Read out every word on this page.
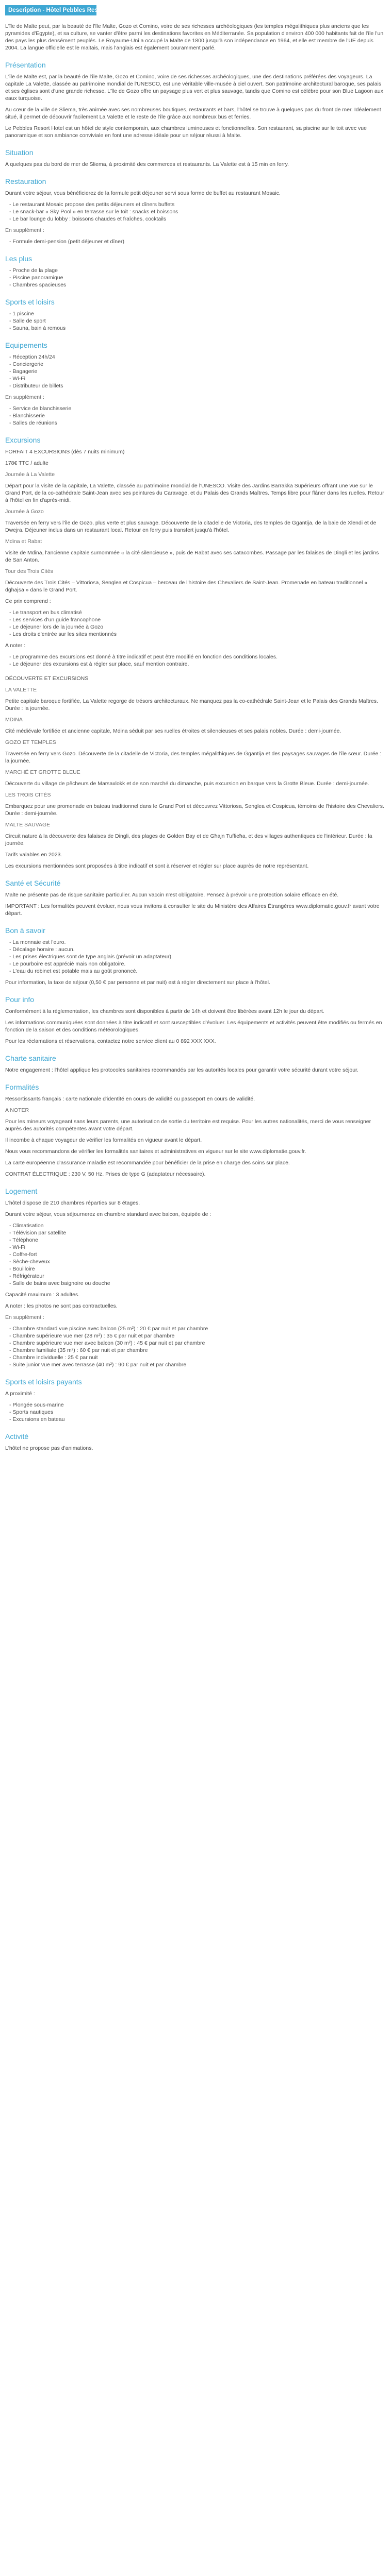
Description - Hôtel Pebbles Resort Hotel ****

L'île de Malte peut, par la beauté de l'île Malte, Gozo et Comino, voire de ses richesses archéologiques (les temples mégalithiques plus anciens que les pyramides d'Egypte), et sa culture, se vanter d'être parmi les destinations favorites en Méditerranée. Sa population d'environ 400 000 habitants fait de l'île l'un des pays les plus densément peuplés. Le Royaume-Uni a occupé la Malte de 1800 jusqu'à son indépendance en 1964, et elle est membre de l'UE depuis 2004. La langue officielle est le maltais, mais l'anglais est également couramment parlé.

Présentation

L'île de Malte est, par la beauté de l'île Malte, Gozo et Comino, voire de ses richesses archéologiques, une des destinations préférées des voyageurs. La capitale La Valette, classée au patrimoine mondial de l'UNESCO, est une véritable ville-musée à ciel ouvert. Son patrimoine architectural baroque, ses palais et ses églises sont d'une grande richesse. L'île de Gozo offre un paysage plus vert et plus sauvage, tandis que Comino est célèbre pour son Blue Lagoon aux eaux turquoise.

Au cœur de la ville de Sliema, très animée avec ses nombreuses boutiques, restaurants et bars, l'hôtel se trouve à quelques pas du front de mer. Idéalement situé, il permet de découvrir facilement La Valette et le reste de l'île grâce aux nombreux bus et ferries.

Le Pebbles Resort Hotel est un hôtel de style contemporain, aux chambres lumineuses et fonctionnelles. Son restaurant, sa piscine sur le toit avec vue panoramique et son ambiance conviviale en font une adresse idéale pour un séjour réussi à Malte.

Situation

A quelques pas du bord de mer de Sliema, à proximité des commerces et restaurants. La Valette est à 15 min en ferry.

Restauration

Durant votre séjour, vous bénéficierez de la formule petit déjeuner servi sous forme de buffet au restaurant Mosaic.

- Le restaurant Mosaic propose des petits déjeuners et dîners buffets
- Le snack-bar « Sky Pool » en terrasse sur le toit : snacks et boissons
- Le bar lounge du lobby : boissons chaudes et fraîches, cocktails

En supplément :

- Formule demi-pension (petit déjeuner et dîner)
Les plus
- Proche de la plage
- Piscine panoramique
- Chambres spacieuses
Sports et loisirs
- 1 piscine
- Salle de sport
- Sauna, bain à remous
Equipements
- Réception 24h/24
- Conciergerie
- Bagagerie
- Wi-Fi
- Distributeur de billets

En supplément :

- Service de blanchisserie
- Blanchisserie
- Salles de réunions
Excursions

FORFAIT 4 EXCURSIONS (dès 7 nuits minimum)

178€ TTC / adulte

Journée à La Valette

Départ pour la visite de la capitale, La Valette, classée au patrimoine mondial de l'UNESCO. Visite des Jardins Barrakka Supérieurs offrant une vue sur le Grand Port, de la co-cathédrale Saint-Jean avec ses peintures du Caravage, et du Palais des Grands Maîtres. Temps libre pour flâner dans les ruelles. Retour à l'hôtel en fin d'après-midi.

Journée à Gozo

Traversée en ferry vers l'île de Gozo, plus verte et plus sauvage. Découverte de la citadelle de Victoria, des temples de Ġgantija, de la baie de Xlendi et de Dwejra. Déjeuner inclus dans un restaurant local. Retour en ferry puis transfert jusqu'à l'hôtel.

Mdina et Rabat

Visite de Mdina, l'ancienne capitale surnommée « la cité silencieuse », puis de Rabat avec ses catacombes. Passage par les falaises de Dingli et les jardins de San Anton.

Tour des Trois Cités

Découverte des Trois Cités – Vittoriosa, Senglea et Cospicua – berceau de l'histoire des Chevaliers de Saint-Jean. Promenade en bateau traditionnel « dghajsa » dans le Grand Port.

Ce prix comprend :

- Le transport en bus climatisé
- Les services d'un guide francophone
- Le déjeuner lors de la journée à Gozo
- Les droits d'entrée sur les sites mentionnés

A noter :

- Le programme des excursions est donné à titre indicatif et peut être modifié en fonction des conditions locales.
- Le déjeuner des excursions est à régler sur place, sauf mention contraire.

DÉCOUVERTE ET EXCURSIONS

LA VALETTE

Petite capitale baroque fortifiée, La Valette regorge de trésors architecturaux. Ne manquez pas la co-cathédrale Saint-Jean et le Palais des Grands Maîtres. Durée : la journée.

MDINA

Cité médiévale fortifiée et ancienne capitale, Mdina séduit par ses ruelles étroites et silencieuses et ses palais nobles. Durée : demi-journée.

GOZO ET TEMPLES

Traversée en ferry vers Gozo. Découverte de la citadelle de Victoria, des temples mégalithiques de Ġgantija et des paysages sauvages de l'île sœur. Durée : la journée.

MARCHÉ ET GROTTE BLEUE

Découverte du village de pêcheurs de Marsaxlokk et de son marché du dimanche, puis excursion en barque vers la Grotte Bleue. Durée : demi-journée.

LES TROIS CITÉS

Embarquez pour une promenade en bateau traditionnel dans le Grand Port et découvrez Vittoriosa, Senglea et Cospicua, témoins de l'histoire des Chevaliers. Durée : demi-journée.

MALTE SAUVAGE

Circuit nature à la découverte des falaises de Dingli, des plages de Golden Bay et de Għajn Tuffieħa, et des villages authentiques de l'intérieur. Durée : la journée.

Tarifs valables en 2023.

Les excursions mentionnées sont proposées à titre indicatif et sont à réserver et régler sur place auprès de notre représentant.

Santé et Sécurité

Malte ne présente pas de risque sanitaire particulier. Aucun vaccin n'est obligatoire. Pensez à prévoir une protection solaire efficace en été.

IMPORTANT : Les formalités peuvent évoluer, nous vous invitons à consulter le site du Ministère des Affaires Étrangères www.diplomatie.gouv.fr avant votre départ.

Bon à savoir
- La monnaie est l'euro.
- Décalage horaire : aucun.
- Les prises électriques sont de type anglais (prévoir un adaptateur).
- Le pourboire est apprécié mais non obligatoire.
- L'eau du robinet est potable mais au goût prononcé.

Pour information, la taxe de séjour (0,50 € par personne et par nuit) est à régler directement sur place à l'hôtel.

Pour info

Conformément à la réglementation, les chambres sont disponibles à partir de 14h et doivent être libérées avant 12h le jour du départ.

Les informations communiquées sont données à titre indicatif et sont susceptibles d'évoluer. Les équipements et activités peuvent être modifiés ou fermés en fonction de la saison et des conditions météorologiques.

Pour les réclamations et réservations, contactez notre service client au 0 892 XXX XXX.

Charte sanitaire

Notre engagement : l'hôtel applique les protocoles sanitaires recommandés par les autorités locales pour garantir votre sécurité durant votre séjour.

Formalités

Ressortissants français : carte nationale d'identité en cours de validité ou passeport en cours de validité.

A NOTER

Pour les mineurs voyageant sans leurs parents, une autorisation de sortie du territoire est requise. Pour les autres nationalités, merci de vous renseigner auprès des autorités compétentes avant votre départ.

Il incombe à chaque voyageur de vérifier les formalités en vigueur avant le départ.

Nous vous recommandons de vérifier les formalités sanitaires et administratives en vigueur sur le site www.diplomatie.gouv.fr.

La carte européenne d'assurance maladie est recommandée pour bénéficier de la prise en charge des soins sur place.

CONTRAT ÉLECTRIQUE : 230 V, 50 Hz. Prises de type G (adaptateur nécessaire).

Logement

L'hôtel dispose de 210 chambres réparties sur 8 étages.

Durant votre séjour, vous séjournerez en chambre standard avec balcon, équipée de :

- Climatisation
- Télévision par satellite
- Téléphone
- Wi-Fi
- Coffre-fort
- Sèche-cheveux
- Bouilloire
- Réfrigérateur
- Salle de bains avec baignoire ou douche

Capacité maximum : 3 adultes.

A noter : les photos ne sont pas contractuelles.

En supplément :

- Chambre standard vue piscine avec balcon (25 m²) : 20 € par nuit et par chambre
- Chambre supérieure vue mer (28 m²) : 35 € par nuit et par chambre
- Chambre supérieure vue mer avec balcon (30 m²) : 45 € par nuit et par chambre
- Chambre familiale (35 m²) : 60 € par nuit et par chambre
- Chambre individuelle : 25 € par nuit
- Suite junior vue mer avec terrasse (40 m²) : 90 € par nuit et par chambre
Sports et loisirs payants

A proximité :

- Plongée sous-marine
- Sports nautiques
- Excursions en bateau
Activité

L'hôtel ne propose pas d'animations.
